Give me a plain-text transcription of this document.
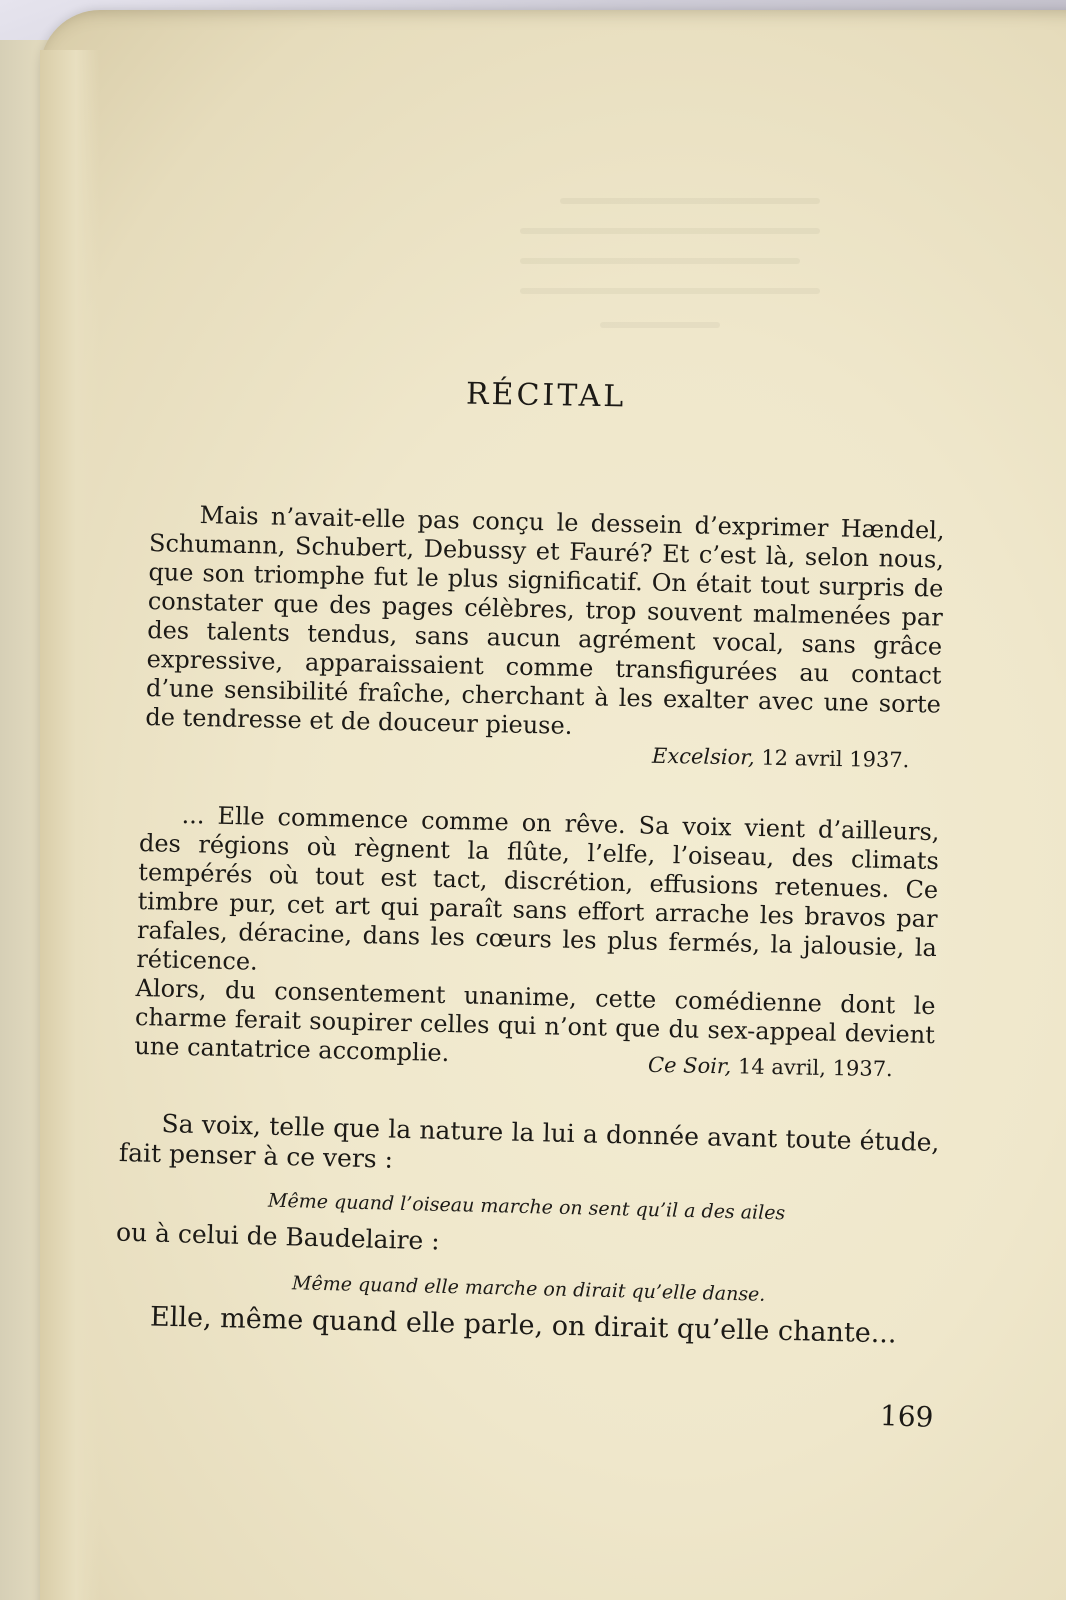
RÉCITAL

Mais n’avait-elle pas conçu le dessein d’exprimer Hændel, Schumann, Schubert, Debussy et Fauré? Et c’est là, selon nous, que son triomphe fut le plus significatif. On était tout surpris de constater que des pages célèbres, trop souvent malmenées par des talents tendus, sans aucun agrément vocal, sans grâce expressive, apparaissaient comme transfigurées au contact d’une sensibilité fraîche, cherchant à les exalter avec une sorte de tendresse et de douceur pieuse.

Excelsior, 12 avril 1937.

... Elle commence comme on rêve. Sa voix vient d’ailleurs, des régions où règnent la flûte, l’elfe, l’oiseau, des climats tempérés où tout est tact, discrétion, effusions retenues. Ce timbre pur, cet art qui paraît sans effort arrache les bravos par rafales, déracine, dans les cœurs les plus fermés, la jalousie, la réticence.
Alors, du consentement unanime, cette comédienne dont le charme ferait soupirer celles qui n’ont que du sex-appeal devient une cantatrice accomplie.	Ce Soir, 14 avril, 1937.

Sa voix, telle que la nature la lui a donnée avant toute étude, fait penser à ce vers :

Même quand l’oiseau marche on sent qu’il a des ailes
ou à celui de Baudelaire :
Même quand elle marche on dirait qu’elle danse.
Elle, même quand elle parle, on dirait qu’elle chante...
169
